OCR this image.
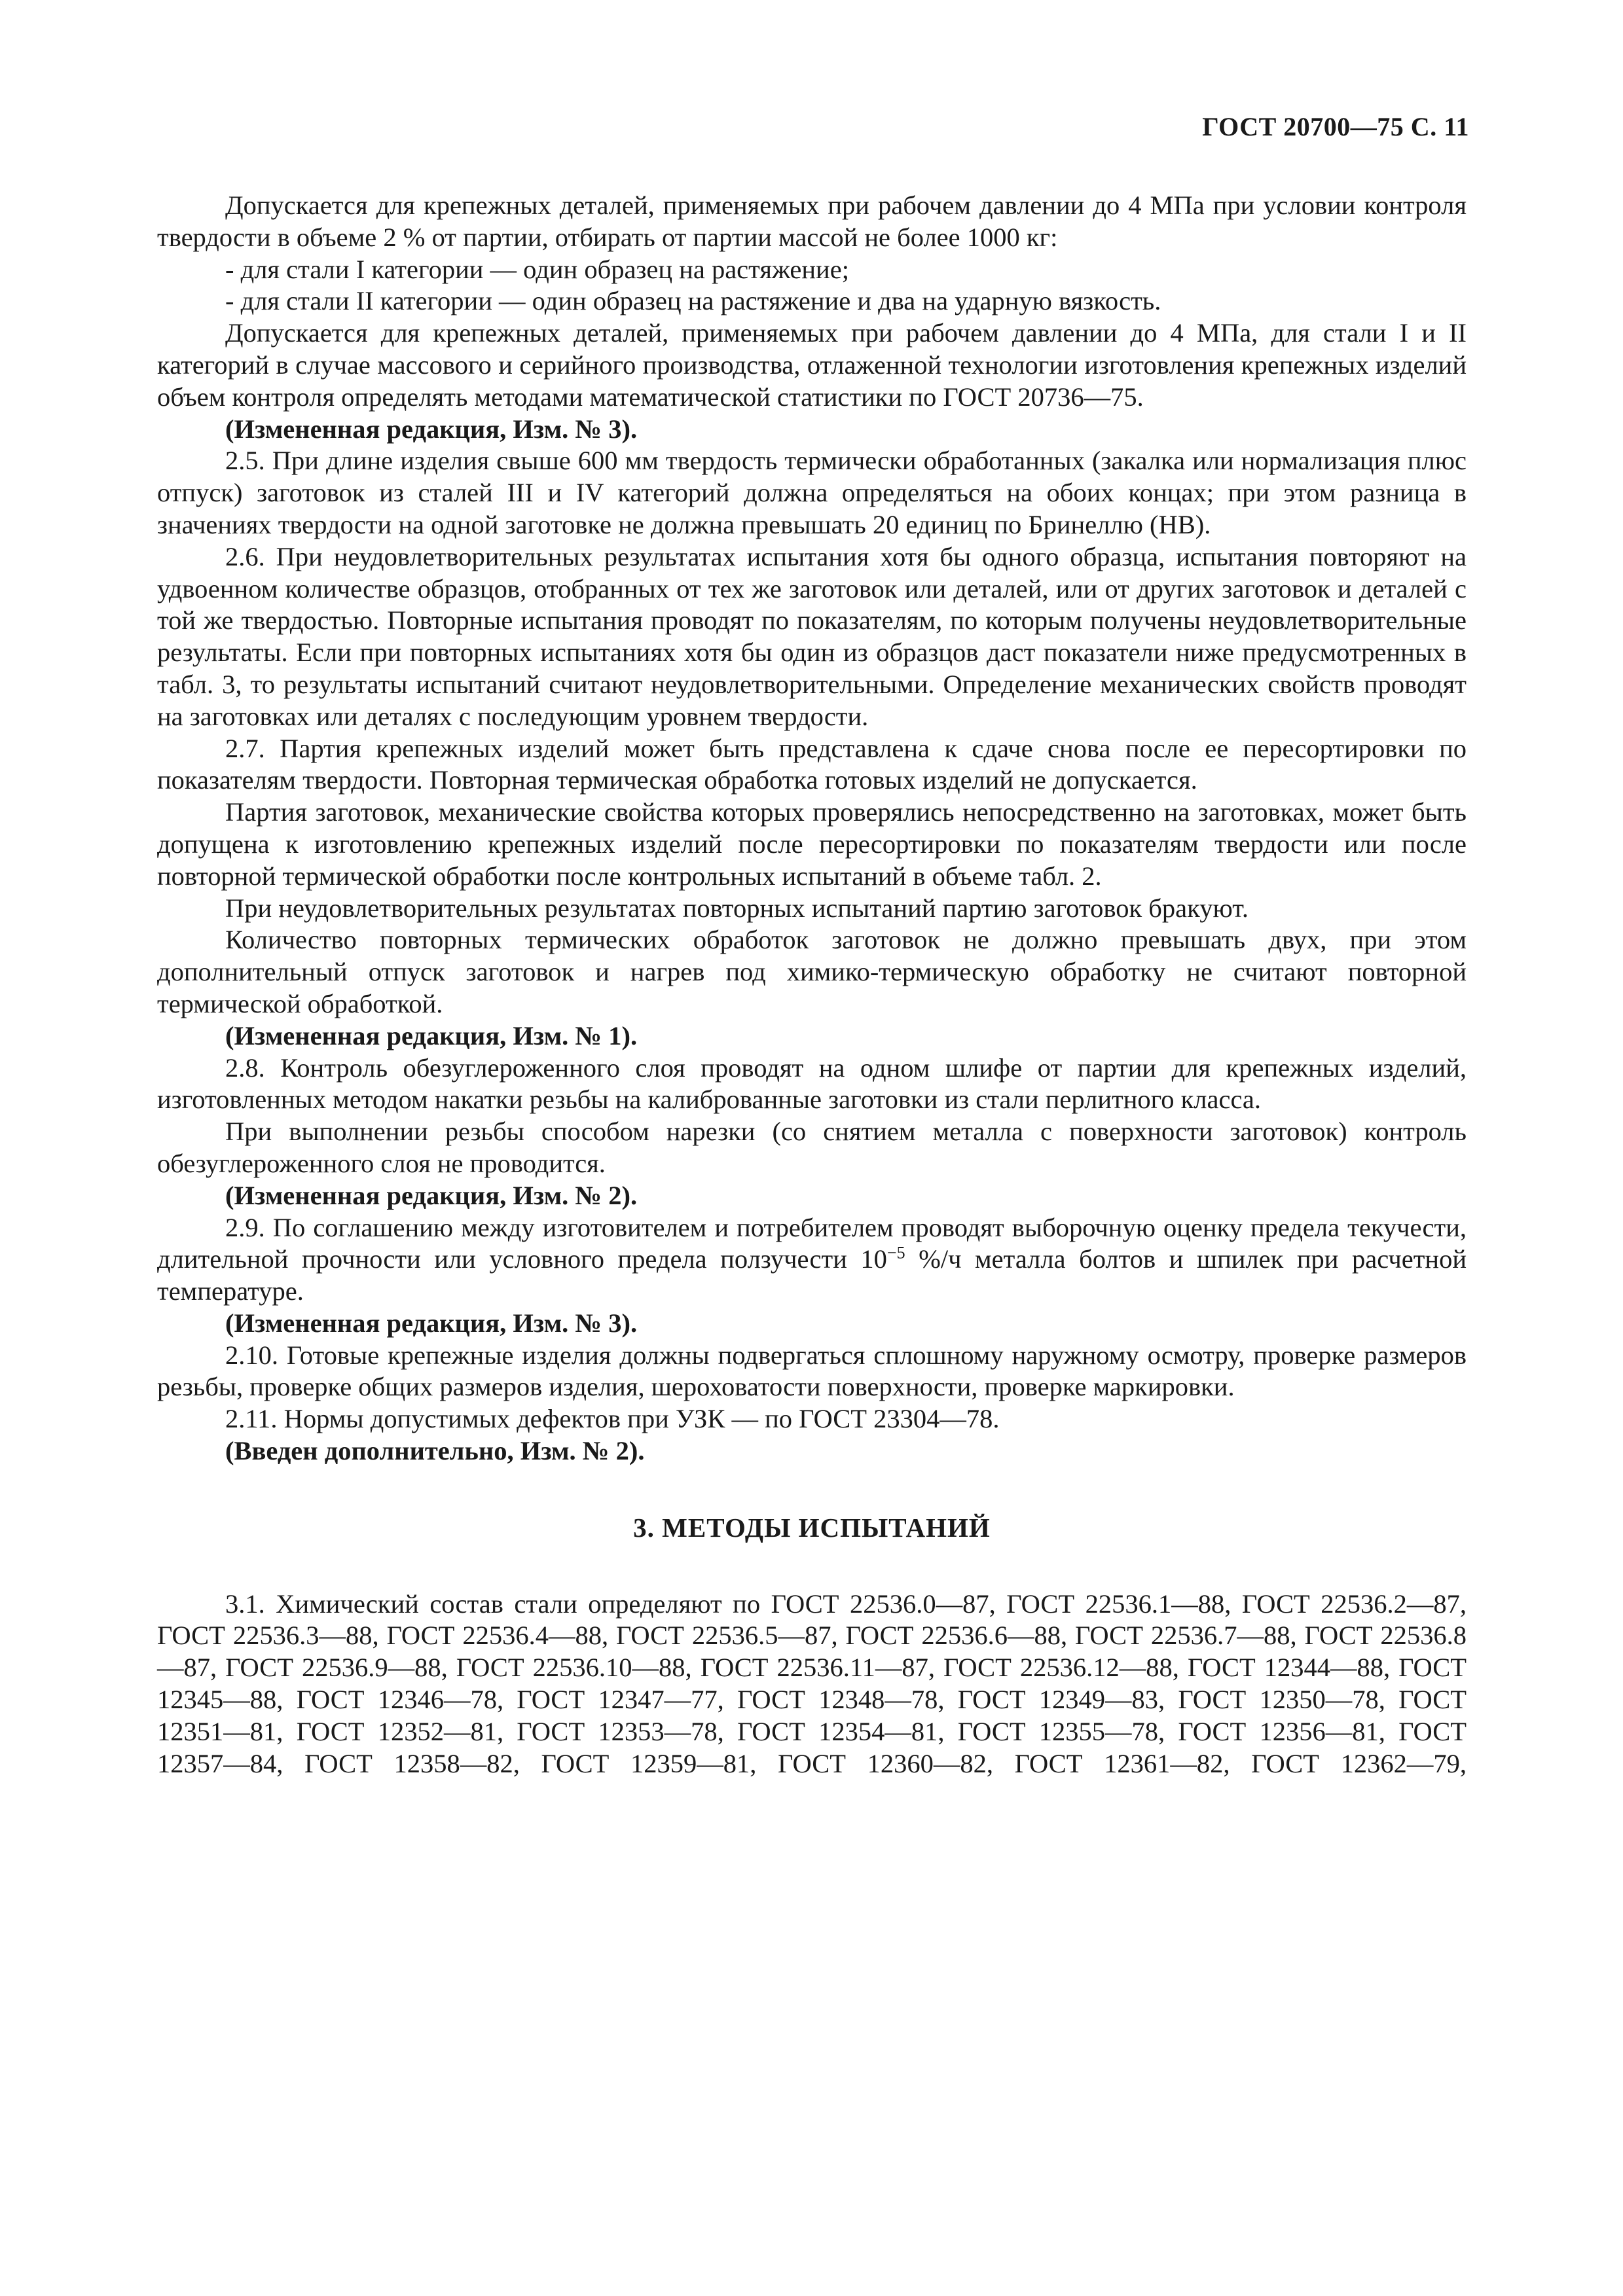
ГОСТ 20700—75 С. 11

Допускается для крепежных деталей, применяемых при рабочем давлении до 4 МПа при условии контроля твердости в объеме 2 % от партии, отбирать от партии массой не более 1000 кг:

- для стали I категории — один образец на растяжение;

- для стали II категории — один образец на растяжение и два на ударную вязкость.

Допускается для крепежных деталей, применяемых при рабочем давлении до 4 МПа, для стали I и II категорий в случае массового и серийного производства, отлаженной технологии изготовления крепежных изделий объем контроля определять методами математической статистики по ГОСТ 20736—75.

(Измененная редакция, Изм. № 3).

2.5. При длине изделия свыше 600 мм твердость термически обработанных (закалка или нормализация плюс отпуск) заготовок из сталей III и IV категорий должна определяться на обоих концах; при этом разница в значениях твердости на одной заготовке не должна превышать 20 единиц по Бринеллю (НВ).

2.6. При неудовлетворительных результатах испытания хотя бы одного образца, испытания повторяют на удвоенном количестве образцов, отобранных от тех же заготовок или деталей, или от других заготовок и деталей с той же твердостью. Повторные испытания проводят по показателям, по которым получены неудовлетворительные результаты. Если при повторных испытаниях хотя бы один из образцов даст показатели ниже предусмотренных в табл. 3, то результаты испытаний считают неудовлетворительными. Определение механических свойств проводят на заготовках или деталях с последующим уровнем твердости.

2.7. Партия крепежных изделий может быть представлена к сдаче снова после ее пересортировки по показателям твердости. Повторная термическая обработка готовых изделий не допускается.

Партия заготовок, механические свойства которых проверялись непосредственно на заготовках, может быть допущена к изготовлению крепежных изделий после пересортировки по показателям твердости или после повторной термической обработки после контрольных испытаний в объеме табл. 2.

При неудовлетворительных результатах повторных испытаний партию заготовок бракуют.

Количество повторных термических обработок заготовок не должно превышать двух, при этом дополнительный отпуск заготовок и нагрев под химико-термическую обработку не считают повторной термической обработкой.

(Измененная редакция, Изм. № 1).

2.8. Контроль обезуглероженного слоя проводят на одном шлифе от партии для крепежных изделий, изготовленных методом накатки резьбы на калиброванные заготовки из стали перлитного класса.

При выполнении резьбы способом нарезки (со снятием металла с поверхности заготовок) контроль обезуглероженного слоя не проводится.

(Измененная редакция, Изм. № 2).

2.9. По соглашению между изготовителем и потребителем проводят выборочную оценку предела текучести, длительной прочности или условного предела ползучести $10^{-5}$ %/ч металла болтов и шпилек при расчетной температуре.

(Измененная редакция, Изм. № 3).

2.10. Готовые крепежные изделия должны подвергаться сплошному наружному осмотру, проверке размеров резьбы, проверке общих размеров изделия, шероховатости поверхности, проверке маркировки.

2.11. Нормы допустимых дефектов при УЗК — по ГОСТ 23304—78.

(Введен дополнительно, Изм. № 2).

3. МЕТОДЫ ИСПЫТАНИЙ

3.1. Химический состав стали определяют по ГОСТ 22536.0—87, ГОСТ 22536.1—88, ГОСТ 22536.2—87, ГОСТ 22536.3—88, ГОСТ 22536.4—88, ГОСТ 22536.5—87, ГОСТ 22536.6—88, ГОСТ 22536.7—88, ГОСТ 22536.8—87, ГОСТ 22536.9—88, ГОСТ 22536.10—88, ГОСТ 22536.11—87, ГОСТ 22536.12—88, ГОСТ 12344—88, ГОСТ 12345—88, ГОСТ 12346—78, ГОСТ 12347—77, ГОСТ 12348—78, ГОСТ 12349—83, ГОСТ 12350—78, ГОСТ 12351—81, ГОСТ 12352—81, ГОСТ 12353—78, ГОСТ 12354—81, ГОСТ 12355—78, ГОСТ 12356—81, ГОСТ 12357—84, ГОСТ 12358—82, ГОСТ 12359—81, ГОСТ 12360—82, ГОСТ 12361—82, ГОСТ 12362—79,
